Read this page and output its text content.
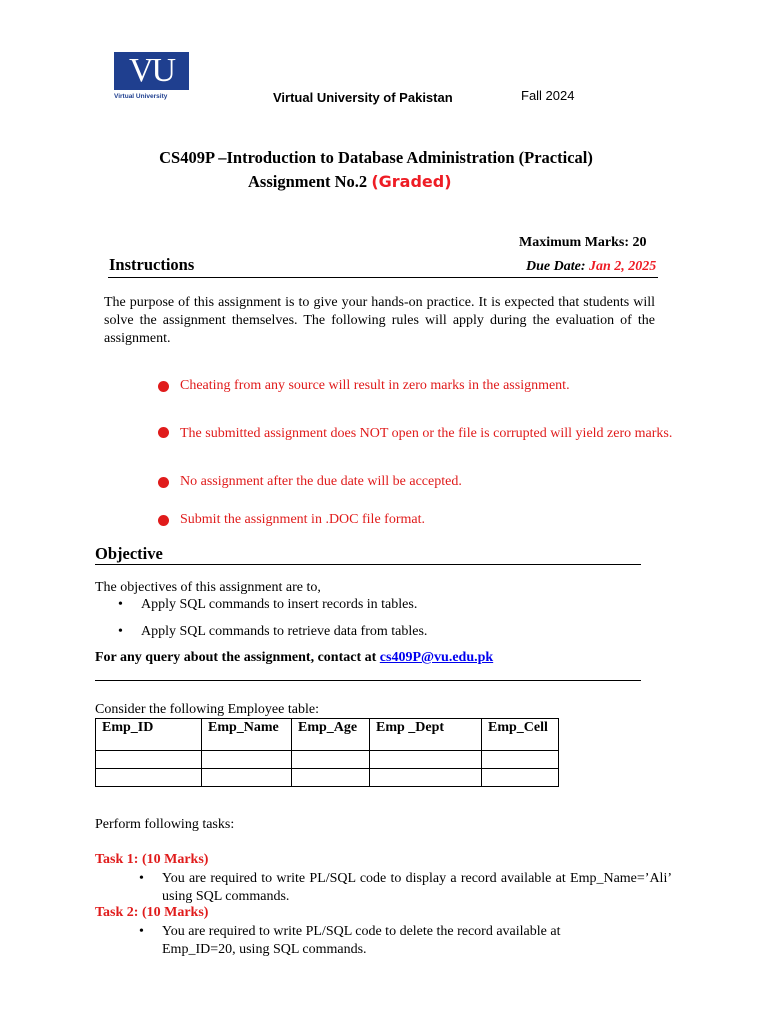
VU
Virtual University	Virtual University of Pakistan	Fall 2024
CS409P –Introduction to Database Administration (Practical)
Assignment No.2 (Graded)
Maximum Marks: 20
Instructions	Due Date: Jan 2, 2025
The purpose of this assignment is to give your hands-on practice. It is expected that students will solve the assignment themselves. The following rules will apply during the evaluation of the assignment.
Cheating from any source will result in zero marks in the assignment.
The submitted assignment does NOT open or the file is corrupted will yield zero marks.
No assignment after the due date will be accepted.
Submit the assignment in .DOC file format.
Objective
The objectives of this assignment are to,
• Apply SQL commands to insert records in tables.
• Apply SQL commands to retrieve data from tables.
For any query about the assignment, contact at cs409P@vu.edu.pk
Consider the following Employee table:
Emp_ID	Emp_Name	Emp_Age	Emp _Dept	Emp_Cell

Perform following tasks:
Task 1: (10 Marks)
• You are required to write PL/SQL code to display a record available at Emp_Name=’Ali’ using SQL commands.
Task 2: (10 Marks)
• You are required to write PL/SQL code to delete the record available at Emp_ID=20, using SQL commands.
